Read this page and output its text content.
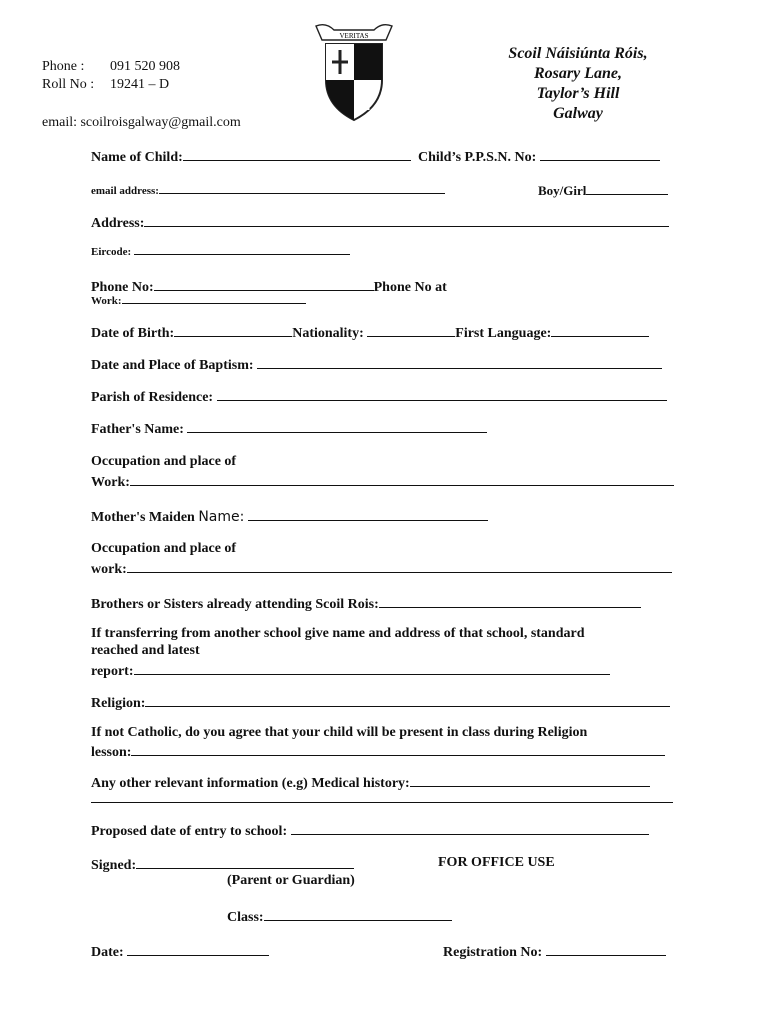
Phone : 091 520 908
Roll No : 19241 – D
email: scoilroisgalway@gmail.com
VERITAS
Scoil Náisiúnta Róis,
Rosary Lane,
Taylor’s Hill
Galway
Name of Child:	Child’s P.P.S.N. No:
email address:	Boy/Girl
Address:
Eircode:
Phone No:	Phone No at
Work:
Date of Birth:	Nationality:	First Language:
Date and Place of Baptism:
Parish of Residence:
Father's Name:
Occupation and place of
Work:
Mother's Maiden Name:
Occupation and place of
work:
Brothers or Sisters already attending Scoil Rois:
If transferring from another school give name and address of that school, standard
reached and latest
report:
Religion:
If not Catholic, do you agree that your child will be present in class during Religion
lesson:
Any other relevant information (e.g) Medical history:
Proposed date of entry to school:
Signed:	FOR OFFICE USE
(Parent or Guardian)
Class:
Date:	Registration No:
